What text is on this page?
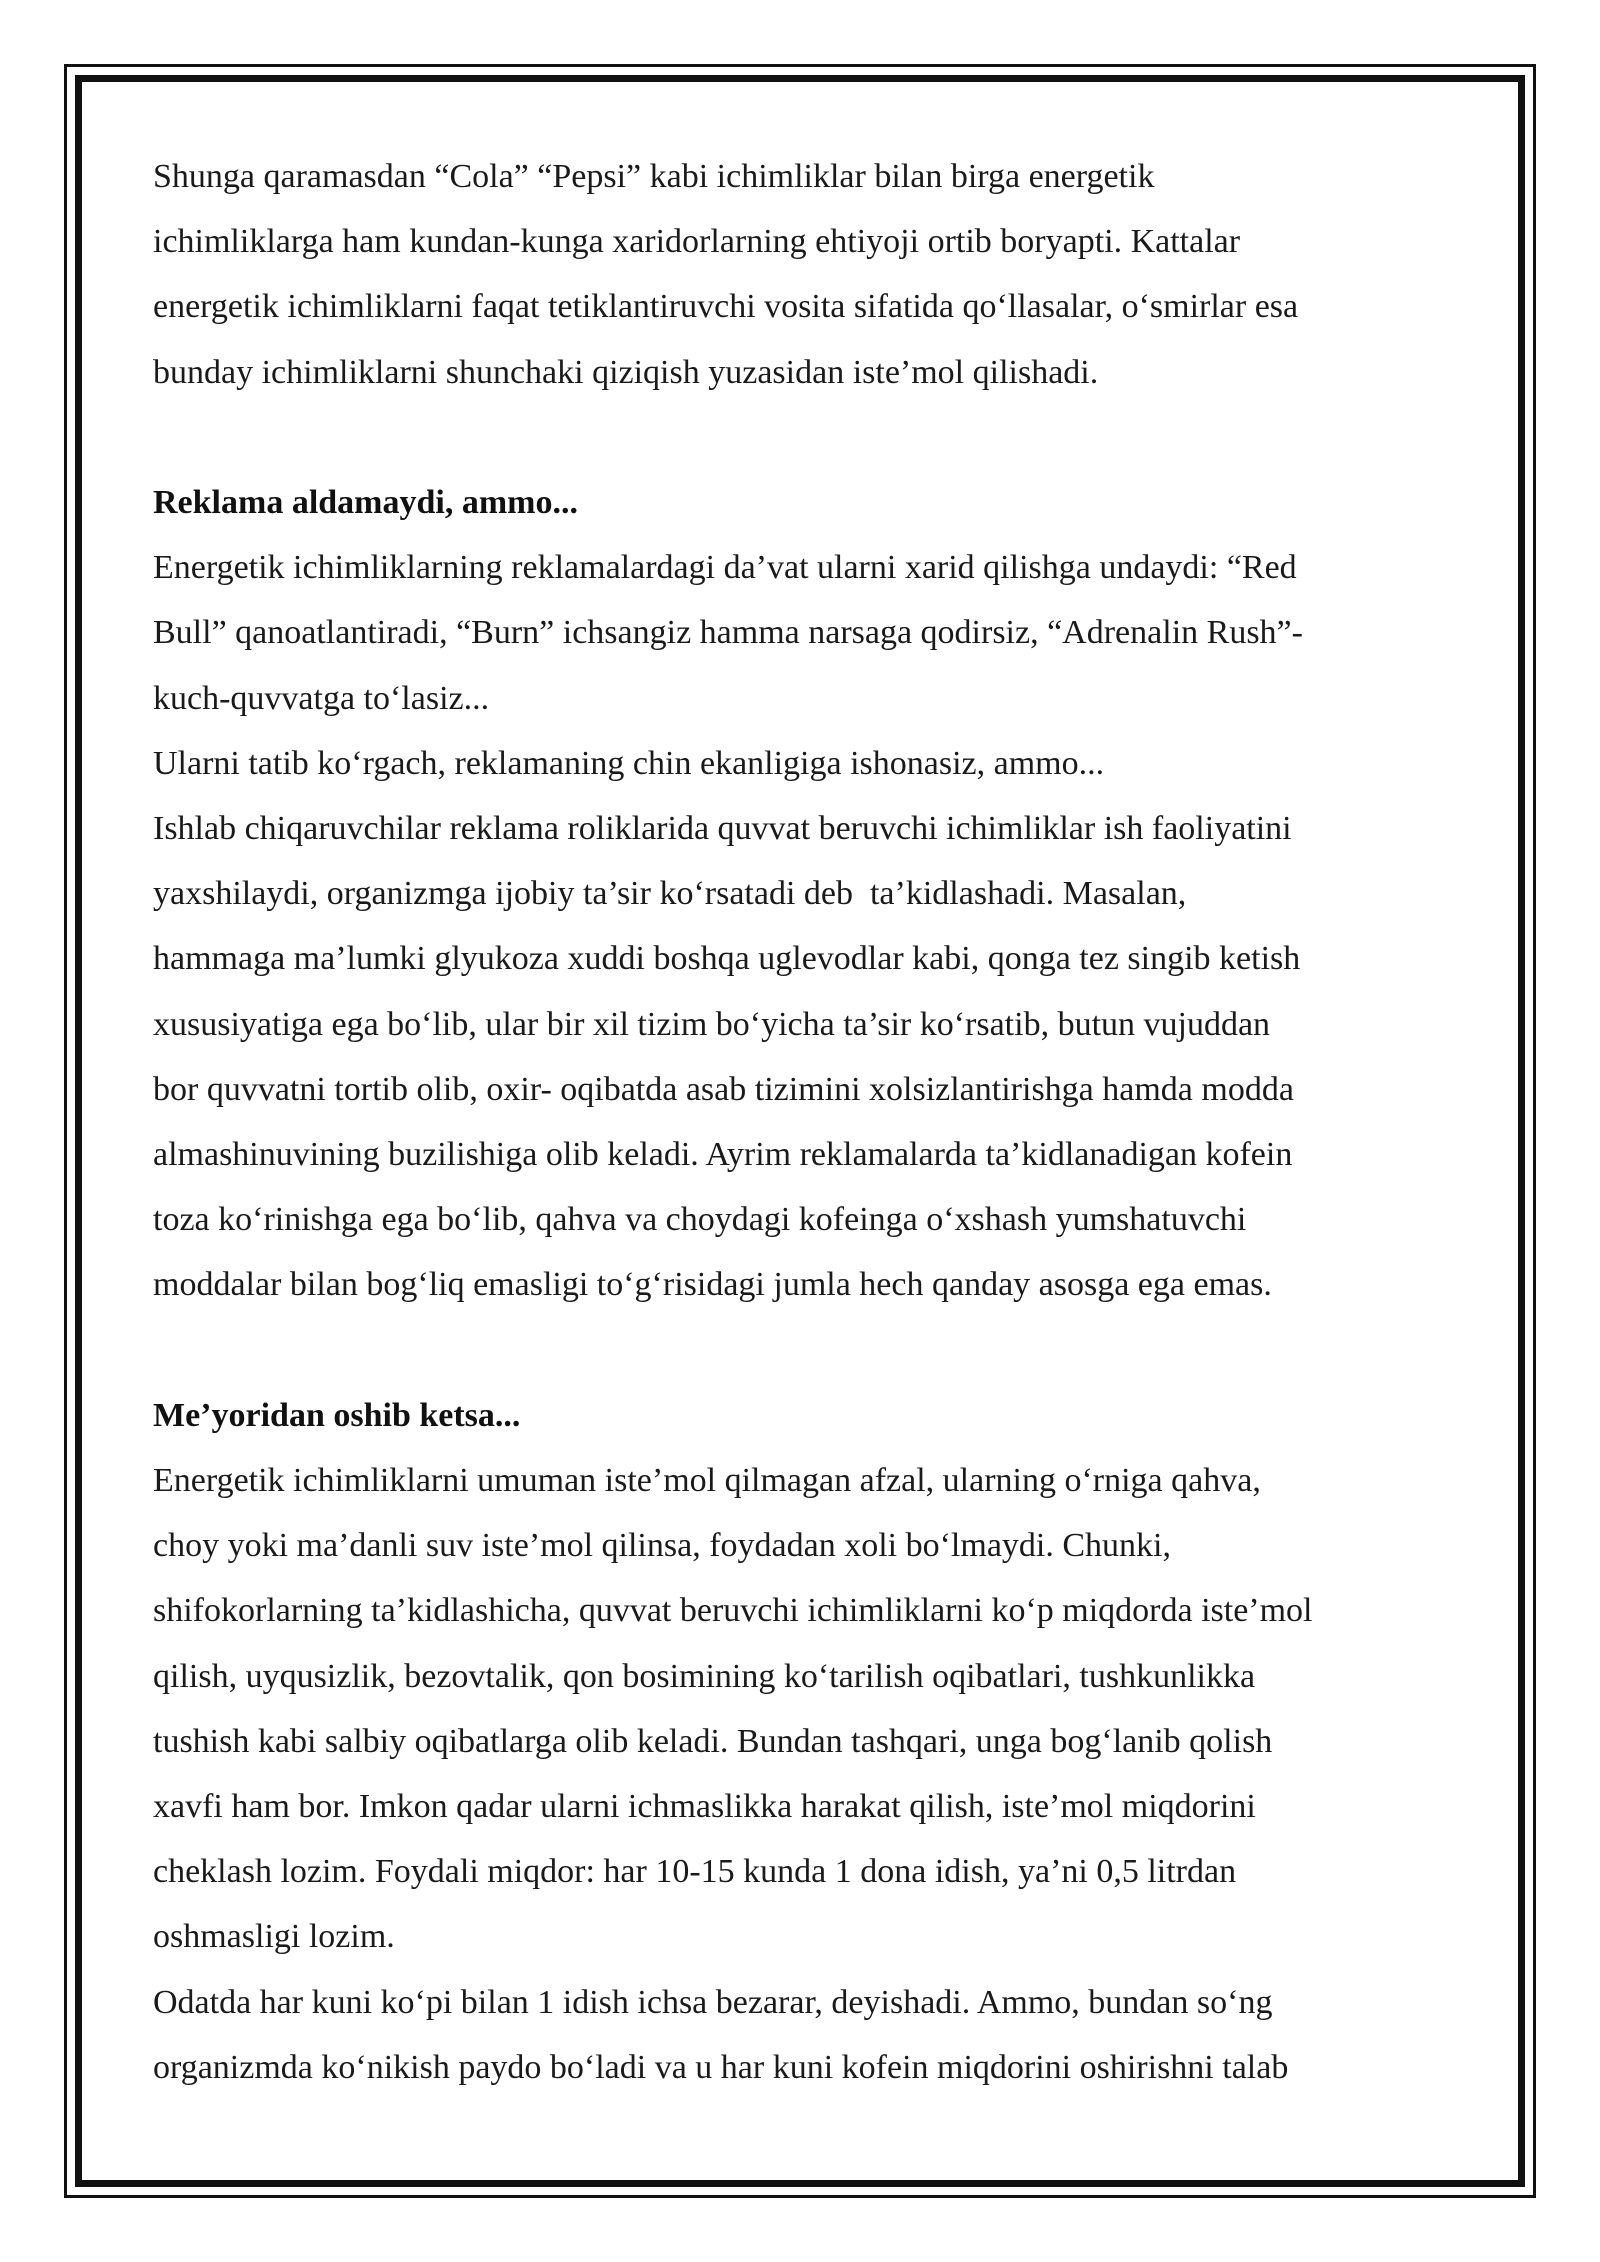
Shunga qaramasdan “Cola” “Pepsi” kabi ichimliklar bilan birga energetik

ichimliklarga ham kundan-kunga xaridorlarning ehtiyoji ortib boryapti. Kattalar

energetik ichimliklarni faqat tetiklantiruvchi vosita sifatida qo‘llasalar, o‘smirlar esa

bunday ichimliklarni shunchaki qiziqish yuzasidan iste’mol qilishadi.

Reklama aldamaydi, ammo...

Energetik ichimliklarning reklamalardagi da’vat ularni xarid qilishga undaydi: “Red

Bull” qanoatlantiradi, “Burn” ichsangiz hamma narsaga qodirsiz, “Adrenalin Rush”-

kuch-quvvatga to‘lasiz...

Ularni tatib ko‘rgach, reklamaning chin ekanligiga ishonasiz, ammo...

Ishlab chiqaruvchilar reklama roliklarida quvvat beruvchi ichimliklar ish faoliyatini

yaxshilaydi, organizmga ijobiy ta’sir ko‘rsatadi deb  ta’kidlashadi. Masalan,

hammaga ma’lumki glyukoza xuddi boshqa uglevodlar kabi, qonga tez singib ketish

xususiyatiga ega bo‘lib, ular bir xil tizim bo‘yicha ta’sir ko‘rsatib, butun vujuddan

bor quvvatni tortib olib, oxir- oqibatda asab tizimini xolsizlantirishga hamda modda

almashinuvining buzilishiga olib keladi. Ayrim reklamalarda ta’kidlanadigan kofein

toza ko‘rinishga ega bo‘lib, qahva va choydagi kofeinga o‘xshash yumshatuvchi

moddalar bilan bog‘liq emasligi to‘g‘risidagi jumla hech qanday asosga ega emas.

Me’yoridan oshib ketsa...

Energetik ichimliklarni umuman iste’mol qilmagan afzal, ularning o‘rniga qahva,

choy yoki ma’danli suv iste’mol qilinsa, foydadan xoli bo‘lmaydi. Chunki,

shifokorlarning ta’kidlashicha, quvvat beruvchi ichimliklarni ko‘p miqdorda iste’mol

qilish, uyqusizlik, bezovtalik, qon bosimining ko‘tarilish oqibatlari, tushkunlikka

tushish kabi salbiy oqibatlarga olib keladi. Bundan tashqari, unga bog‘lanib qolish

xavfi ham bor. Imkon qadar ularni ichmaslikka harakat qilish, iste’mol miqdorini

cheklash lozim. Foydali miqdor: har 10-15 kunda 1 dona idish, ya’ni 0,5 litrdan

oshmasligi lozim.

Odatda har kuni ko‘pi bilan 1 idish ichsa bezarar, deyishadi. Ammo, bundan so‘ng

organizmda ko‘nikish paydo bo‘ladi va u har kuni kofein miqdorini oshirishni talab
